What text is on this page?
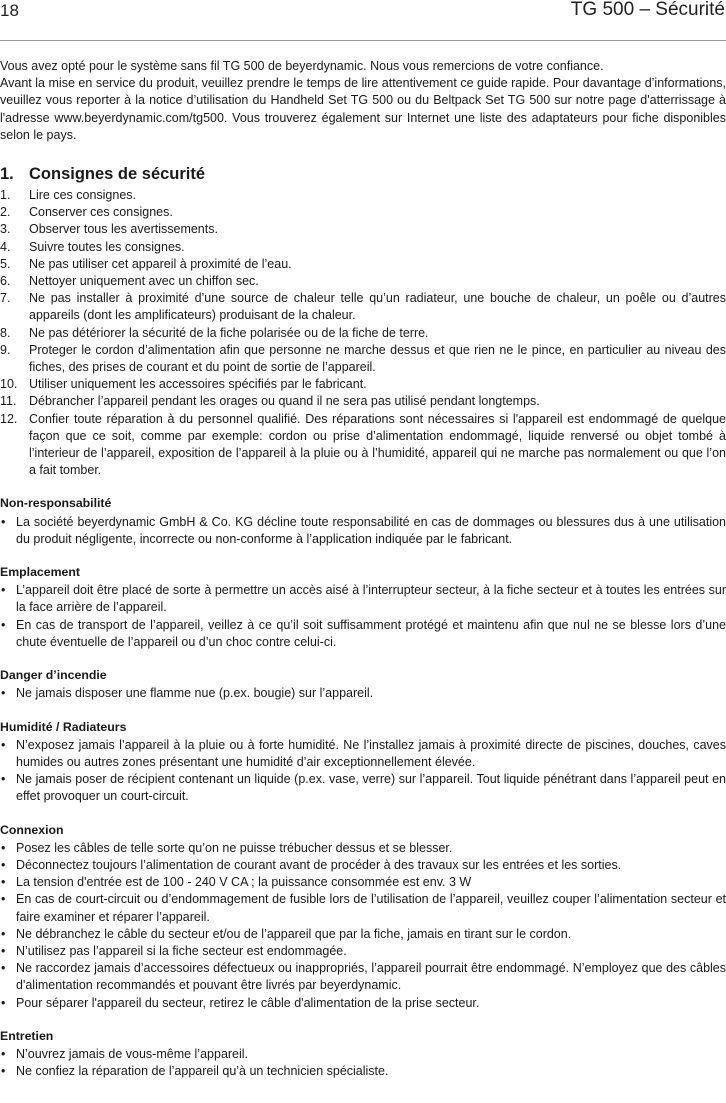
18	TG 500 – Sécurité

Vous avez opté pour le système sans fil TG 500 de beyerdynamic. Nous vous remercions de votre confiance.

Avant la mise en service du produit, veuillez prendre le temps de lire attentivement ce guide rapide. Pour davantage d’informations, veuillez vous reporter à la notice d’utilisation du Handheld Set TG 500 ou du Beltpack Set TG 500 sur notre page d'atterrissage à l'adresse www.beyerdynamic.com/tg500. Vous trouverez également sur Internet une liste des adaptateurs pour fiche disponibles selon le pays.

1. Consignes de sécurité
1. Lire ces consignes.
2. Conserver ces consignes.
3. Observer tous les avertissements.
4. Suivre toutes les consignes.
5. Ne pas utiliser cet appareil à proximité de l’eau.
6. Nettoyer uniquement avec un chiffon sec.
7. Ne pas installer à proximité d’une source de chaleur telle qu’un radiateur, une bouche de chaleur, un poêle ou d’autres appareils (dont les amplificateurs) produisant de la chaleur.
8. Ne pas détériorer la sécurité de la fiche polarisée ou de la fiche de terre.
9. Proteger le cordon d’alimentation afin que personne ne marche dessus et que rien ne le pince, en particulier au niveau des fiches, des prises de courant et du point de sortie de l’appareil.
10. Utiliser uniquement les accessoires spécifiés par le fabricant.
11. Débrancher l’appareil pendant les orages ou quand il ne sera pas utilisé pendant longtemps.
12. Confier toute réparation à du personnel qualifié. Des réparations sont nécessaires si l'appareil est endommagé de quelque façon que ce soit, comme par exemple: cordon ou prise d’alimentation endommagé, liquide renversé ou objet tombé à l’interieur de l’appareil, exposition de l’appareil à la pluie ou à l’humidité, appareil qui ne marche pas normalement ou que l’on a fait tomber.
Non-responsabilité
• La société beyerdynamic GmbH & Co. KG décline toute responsabilité en cas de dommages ou blessures dus à une utilisation du produit négligente, incorrecte ou non-conforme à l’application indiquée par le fabricant.
Emplacement
• L’appareil doit être placé de sorte à permettre un accès aisé à l’interrupteur secteur, à la fiche secteur et à toutes les entrées sur la face arrière de l’appareil.
• En cas de transport de l’appareil, veillez à ce qu’il soit suffisamment protégé et maintenu afin que nul ne se blesse lors d’une chute éventuelle de l’appareil ou d’un choc contre celui-ci.
Danger d’incendie
• Ne jamais disposer une flamme nue (p.ex. bougie) sur l’appareil.
Humidité / Radiateurs
• N’exposez jamais l’appareil à la pluie ou à forte humidité. Ne l’installez jamais à proximité directe de piscines, douches, caves humides ou autres zones présentant une humidité d’air exceptionnellement élevée.
• Ne jamais poser de récipient contenant un liquide (p.ex. vase, verre) sur l’appareil. Tout liquide pénétrant dans l’appareil peut en effet provoquer un court-circuit.
Connexion
• Posez les câbles de telle sorte qu’on ne puisse trébucher dessus et se blesser.
• Déconnectez toujours l’alimentation de courant avant de procéder à des travaux sur les entrées et les sorties.
• La tension d'entrée est de 100 - 240 V CA ; la puissance consommée est env. 3 W
• En cas de court-circuit ou d’endommagement de fusible lors de l’utilisation de l’appareil, veuillez couper l’alimentation secteur et faire examiner et réparer l’appareil.
• Ne débranchez le câble du secteur et/ou de l’appareil que par la fiche, jamais en tirant sur le cordon.
• N’utilisez pas l’appareil si la fiche secteur est endommagée.
• Ne raccordez jamais d’accessoires défectueux ou inappropriés, l’appareil pourrait être endommagé. N’employez que des câbles d'alimentation recommandés et pouvant être livrés par beyerdynamic.
• Pour séparer l'appareil du secteur, retirez le câble d'alimentation de la prise secteur.
Entretien
• N’ouvrez jamais de vous-même l’appareil.
• Ne confiez la réparation de l’appareil qu’à un technicien spécialiste.
